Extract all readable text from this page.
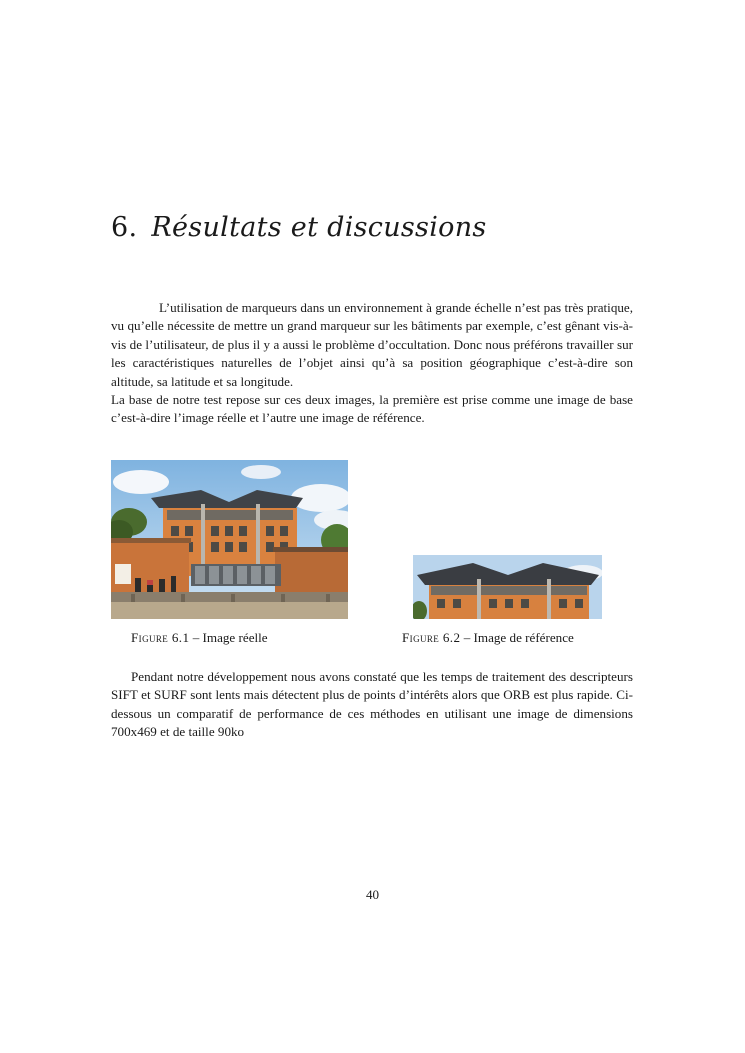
6. Résultats et discussions

L’utilisation de marqueurs dans un environnement à grande échelle n’est pas très pratique, vu qu’elle nécessite de mettre un grand marqueur sur les bâtiments par exemple, c’est gênant vis-à-vis de l’utilisateur, de plus il y a aussi le problème d’occultation. Donc nous préférons travailler sur les caractéristiques naturelles de l’objet ainsi qu’à sa position géographique c’est-à-dire son altitude, sa latitude et sa longitude.

La base de notre test repose sur ces deux images, la première est prise comme une image de base c’est-à-dire l’image réelle et l’autre une image de référence.

Figure 6.1 – Image réelle	Figure 6.2 – Image de référence

Pendant notre développement nous avons constaté que les temps de traitement des descripteurs SIFT et SURF sont lents mais détectent plus de points d’intérêts alors que ORB est plus rapide. Ci-dessous un comparatif de performance de ces méthodes en utilisant une image de dimensions 700x469 et de taille 90ko

40
